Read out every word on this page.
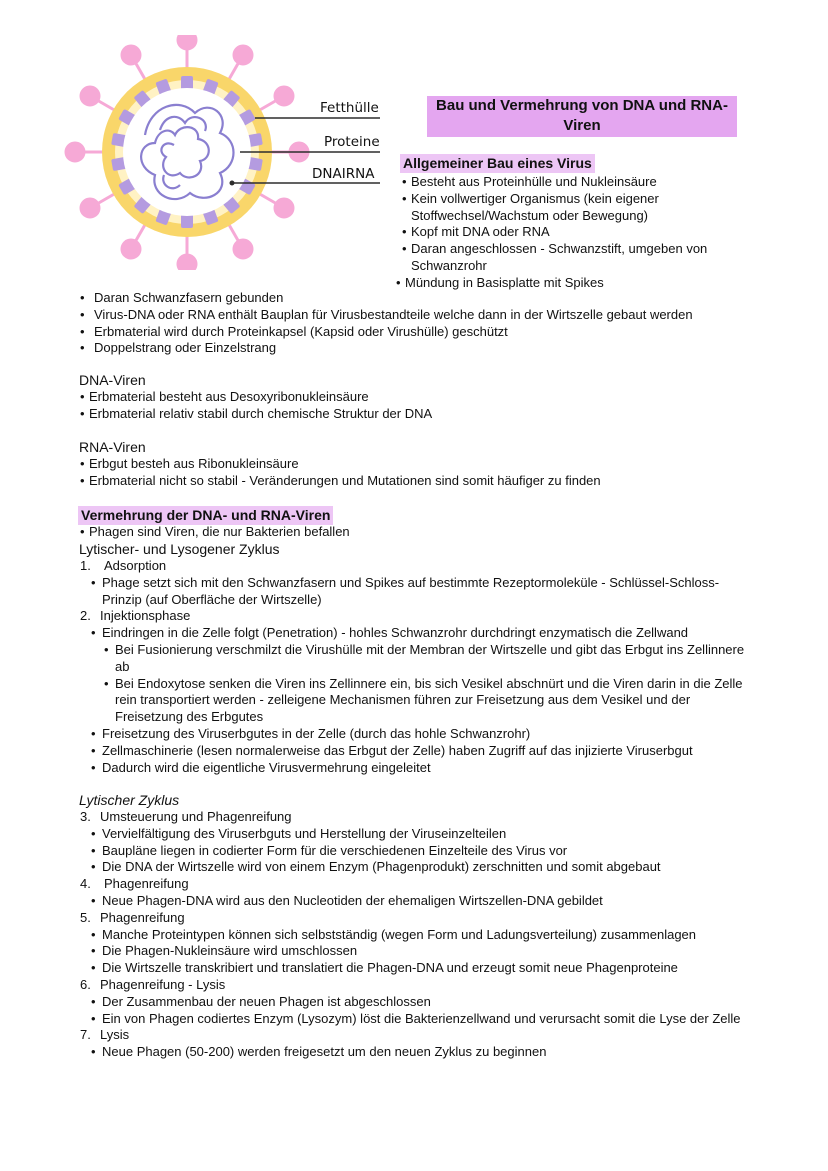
Fetthülle
Proteine
DNAIRNA
Bau und Vermehrung von DNA und RNA-Viren
Allgemeiner Bau eines Virus
• Besteht aus Proteinhülle und Nukleinsäure
• Kein vollwertiger Organismus (kein eigener Stoffwechsel/Wachstum oder Bewegung)
• Kopf mit DNA oder RNA
• Daran angeschlossen - Schwanzstift, umgeben von Schwanzrohr
• Mündung in Basisplatte mit Spikes
• Daran Schwanzfasern gebunden
• Virus-DNA oder RNA enthält Bauplan für Virusbestandteile welche dann in der Wirtszelle gebaut werden
• Erbmaterial wird durch Proteinkapsel (Kapsid oder Virushülle) geschützt
• Doppelstrang oder Einzelstrang
DNA-Viren
• Erbmaterial besteht aus Desoxyribonukleinsäure
• Erbmaterial relativ stabil durch chemische Struktur der DNA
RNA-Viren
• Erbgut besteh aus Ribonukleinsäure
• Erbmaterial nicht so stabil - Veränderungen und Mutationen sind somit häufiger zu finden
Vermehrung der DNA- und RNA-Viren
• Phagen sind Viren, die nur Bakterien befallen
Lytischer- und Lysogener Zyklus
1. Adsorption
• Phage setzt sich mit den Schwanzfasern und Spikes auf bestimmte Rezeptormoleküle - Schlüssel-Schloss-Prinzip (auf Oberfläche der Wirtszelle)
2. Injektionsphase
• Eindringen in die Zelle folgt (Penetration) - hohles Schwanzrohr durchdringt enzymatisch die Zellwand
• Bei Fusionierung verschmilzt die Virushülle mit der Membran der Wirtszelle und gibt das Erbgut ins Zellinnere ab
• Bei Endoxytose senken die Viren ins Zellinnere ein, bis sich Vesikel abschnürt und die Viren darin in die Zelle rein transportiert werden - zelleigene Mechanismen führen zur Freisetzung aus dem Vesikel und der Freisetzung des Erbgutes
• Freisetzung des Viruserbgutes in der Zelle (durch das hohle Schwanzrohr)
• Zellmaschinerie (lesen normalerweise das Erbgut der Zelle) haben Zugriff auf das injizierte Viruserbgut
• Dadurch wird die eigentliche Virusvermehrung eingeleitet
Lytischer Zyklus
3. Umsteuerung und Phagenreifung
• Vervielfältigung des Viruserbguts und Herstellung der Viruseinzelteilen
• Baupläne liegen in codierter Form für die verschiedenen Einzelteile des Virus vor
• Die DNA der Wirtszelle wird von einem Enzym (Phagenprodukt) zerschnitten und somit abgebaut
4. Phagenreifung
• Neue Phagen-DNA wird aus den Nucleotiden der ehemaligen Wirtszellen-DNA gebildet
5. Phagenreifung
• Manche Proteintypen können sich selbstständig (wegen Form und Ladungsverteilung) zusammenlagen
• Die Phagen-Nukleinsäure wird umschlossen
• Die Wirtszelle transkribiert und translatiert die Phagen-DNA und erzeugt somit neue Phagenproteine
6. Phagenreifung - Lysis
• Der Zusammenbau der neuen Phagen ist abgeschlossen
• Ein von Phagen codiertes Enzym (Lysozym) löst die Bakterienzellwand und verursacht somit die Lyse der Zelle
7. Lysis
• Neue Phagen (50-200) werden freigesetzt um den neuen Zyklus zu beginnen
